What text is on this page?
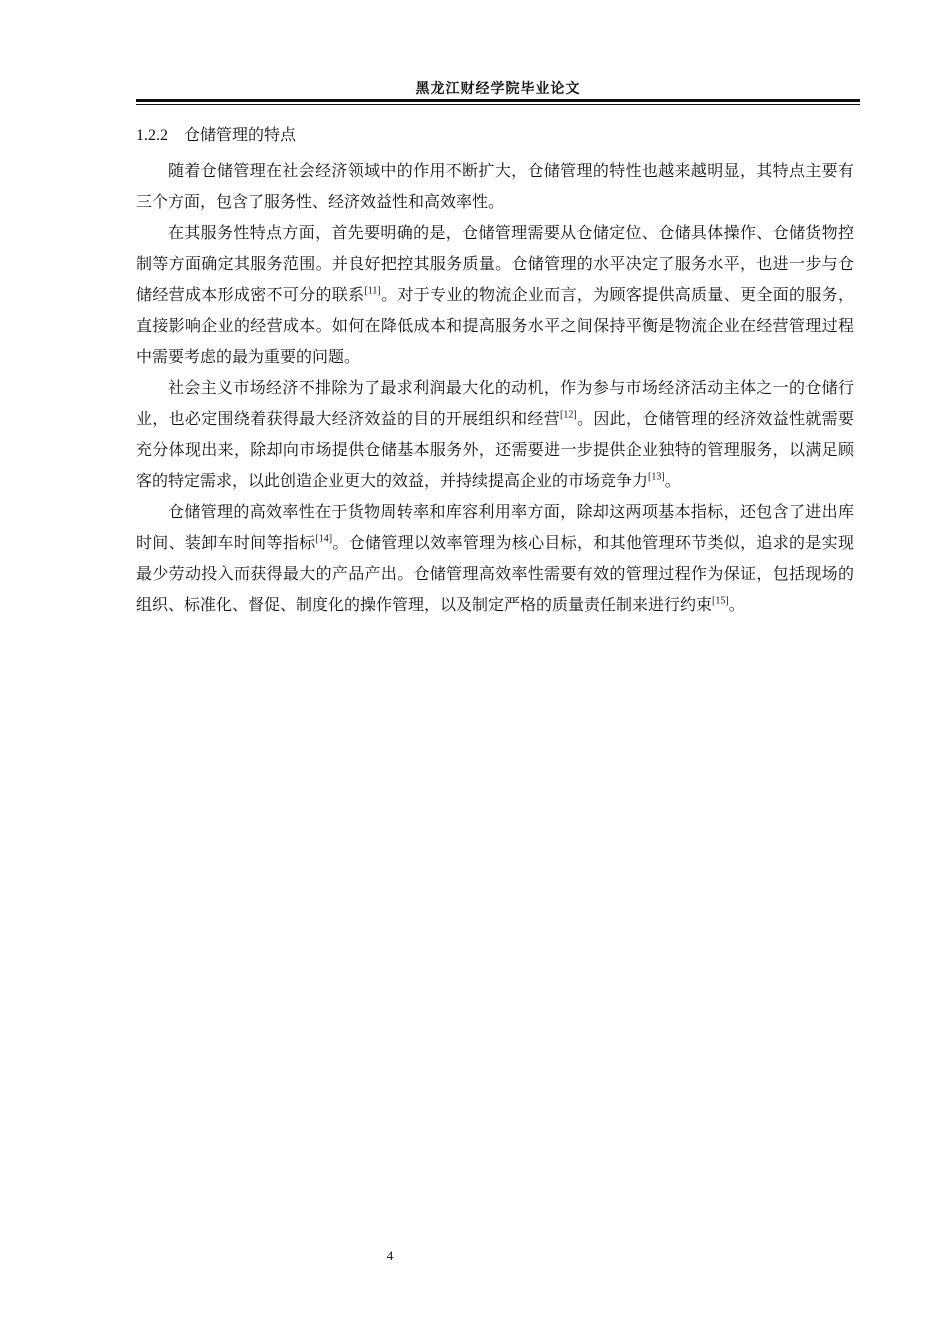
黑龙江财经学院毕业论文
1.2.2 仓储管理的特点

随着仓储管理在社会经济领域中的作用不断扩大，仓储管理的特性也越来越明显，其特点主要有三个方面，包含了服务性、经济效益性和高效率性。

在其服务性特点方面，首先要明确的是，仓储管理需要从仓储定位、仓储具体操作、仓储货物控制等方面确定其服务范围。并良好把控其服务质量。仓储管理的水平决定了服务水平，也进一步与仓储经营成本形成密不可分的联系[11]。对于专业的物流企业而言，为顾客提供高质量、更全面的服务，直接影响企业的经营成本。如何在降低成本和提高服务水平之间保持平衡是物流企业在经营管理过程中需要考虑的最为重要的问题。

社会主义市场经济不排除为了最求利润最大化的动机，作为参与市场经济活动主体之一的仓储行业，也必定围绕着获得最大经济效益的目的开展组织和经营[12]。因此，仓储管理的经济效益性就需要充分体现出来，除却向市场提供仓储基本服务外，还需要进一步提供企业独特的管理服务，以满足顾客的特定需求，以此创造企业更大的效益，并持续提高企业的市场竞争力[13]。

仓储管理的高效率性在于货物周转率和库容利用率方面，除却这两项基本指标，还包含了进出库时间、装卸车时间等指标[14]。仓储管理以效率管理为核心目标，和其他管理环节类似，追求的是实现最少劳动投入而获得最大的产品产出。仓储管理高效率性需要有效的管理过程作为保证，包括现场的组织、标准化、督促、制度化的操作管理，以及制定严格的质量责任制来进行约束[15]。

4
